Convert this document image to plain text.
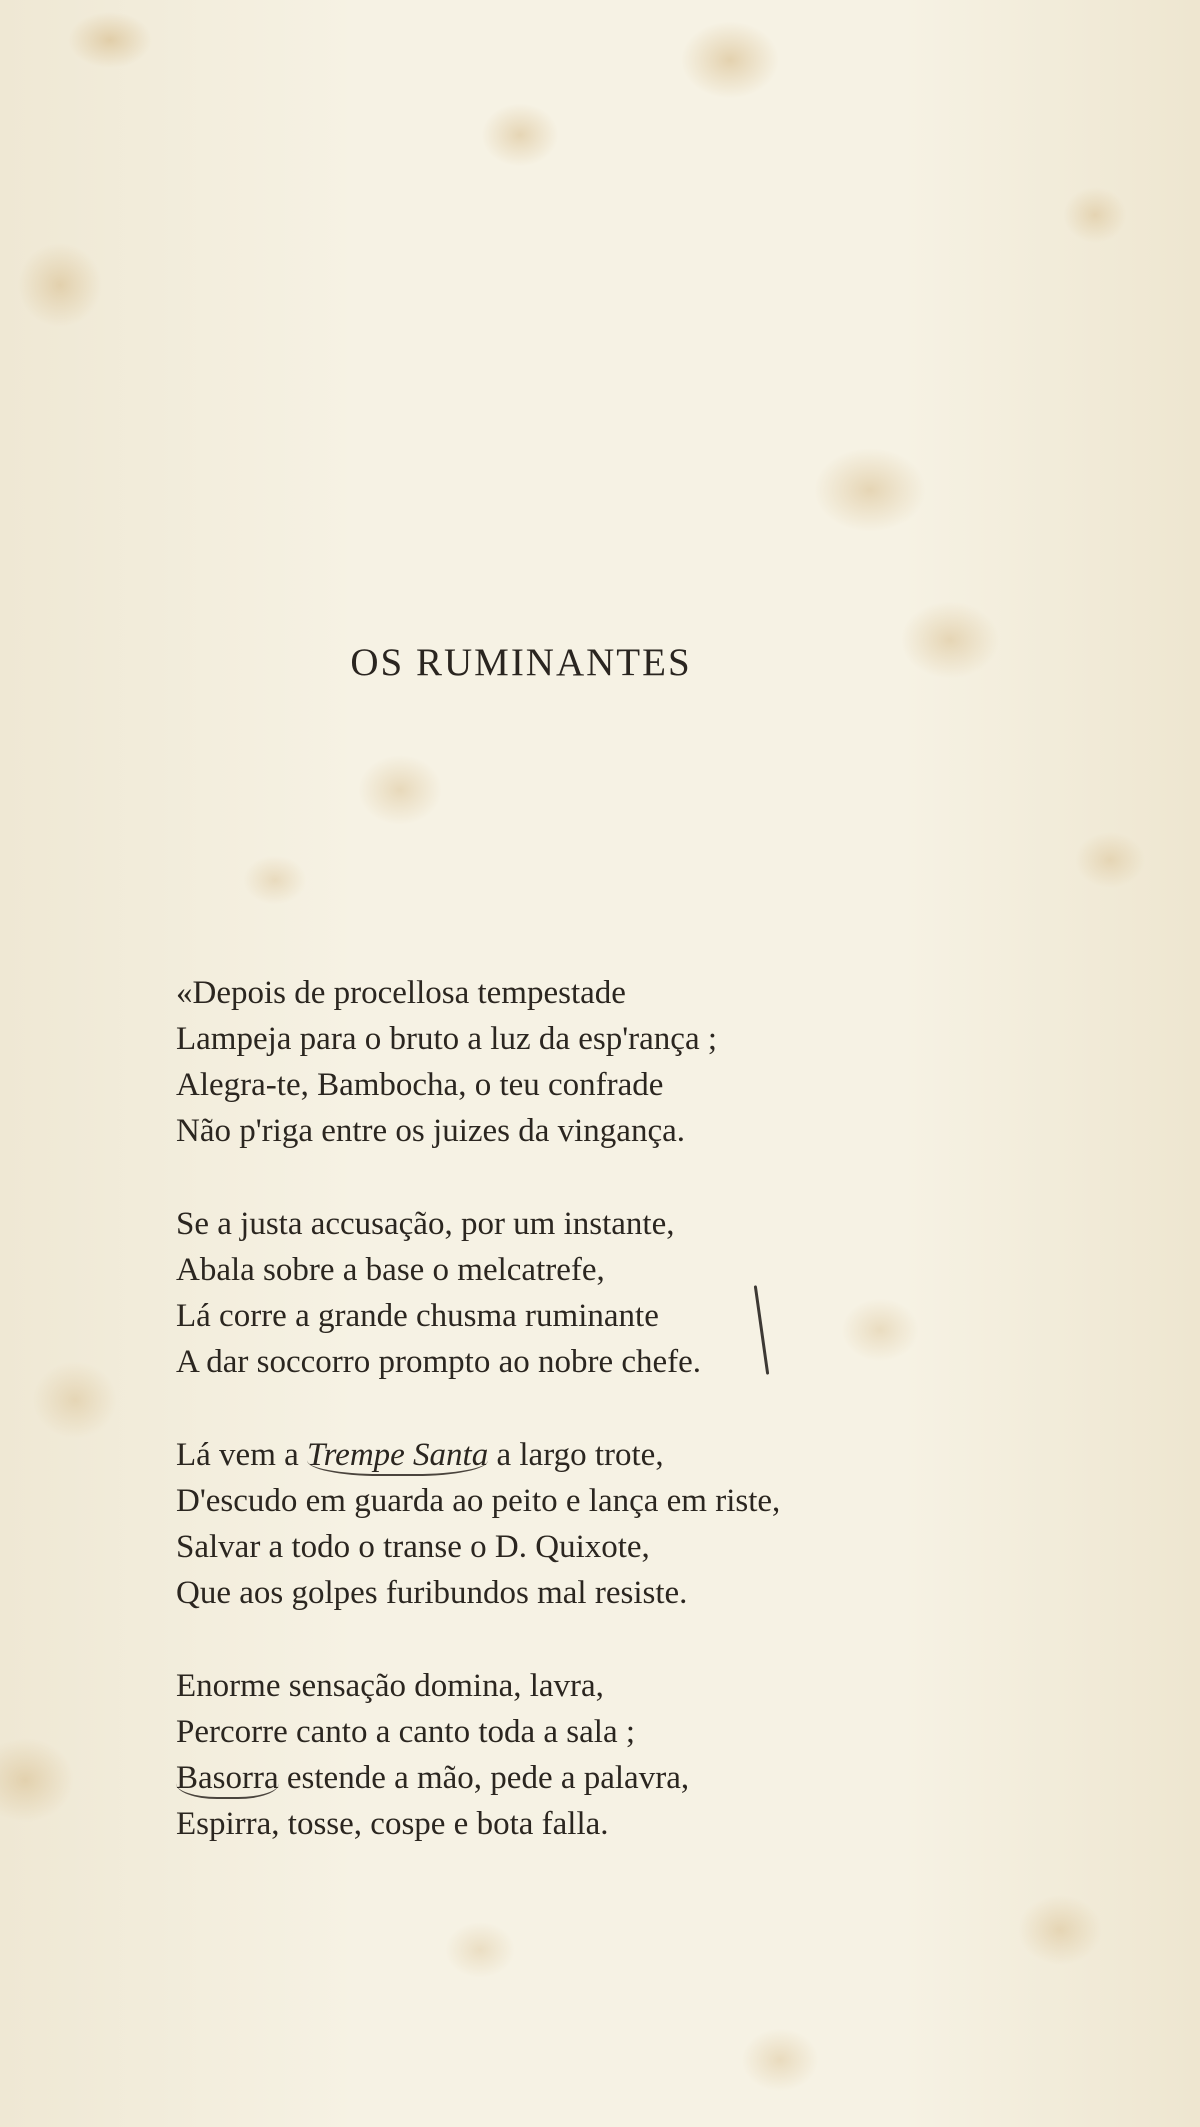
OS RUMINANTES
«Depois de procellosa tempestade
Lampeja para o bruto a luz da esp'rança ;
Alegra-te, Bambocha, o teu confrade
Não p'riga entre os juizes da vingança.
Se a justa accusação, por um instante,
Abala sobre a base o melcatrefe,
Lá corre a grande chusma ruminante
A dar soccorro prompto ao nobre chefe.
Lá vem a Trempe Santa a largo trote,
D'escudo em guarda ao peito e lança em riste,
Salvar a todo o transe o D. Quixote,
Que aos golpes furibundos mal resiste.
Enorme sensação domina, lavra,
Percorre canto a canto toda a sala ;
Basorra estende a mão, pede a palavra,
Espirra, tosse, cospe e bota falla.
